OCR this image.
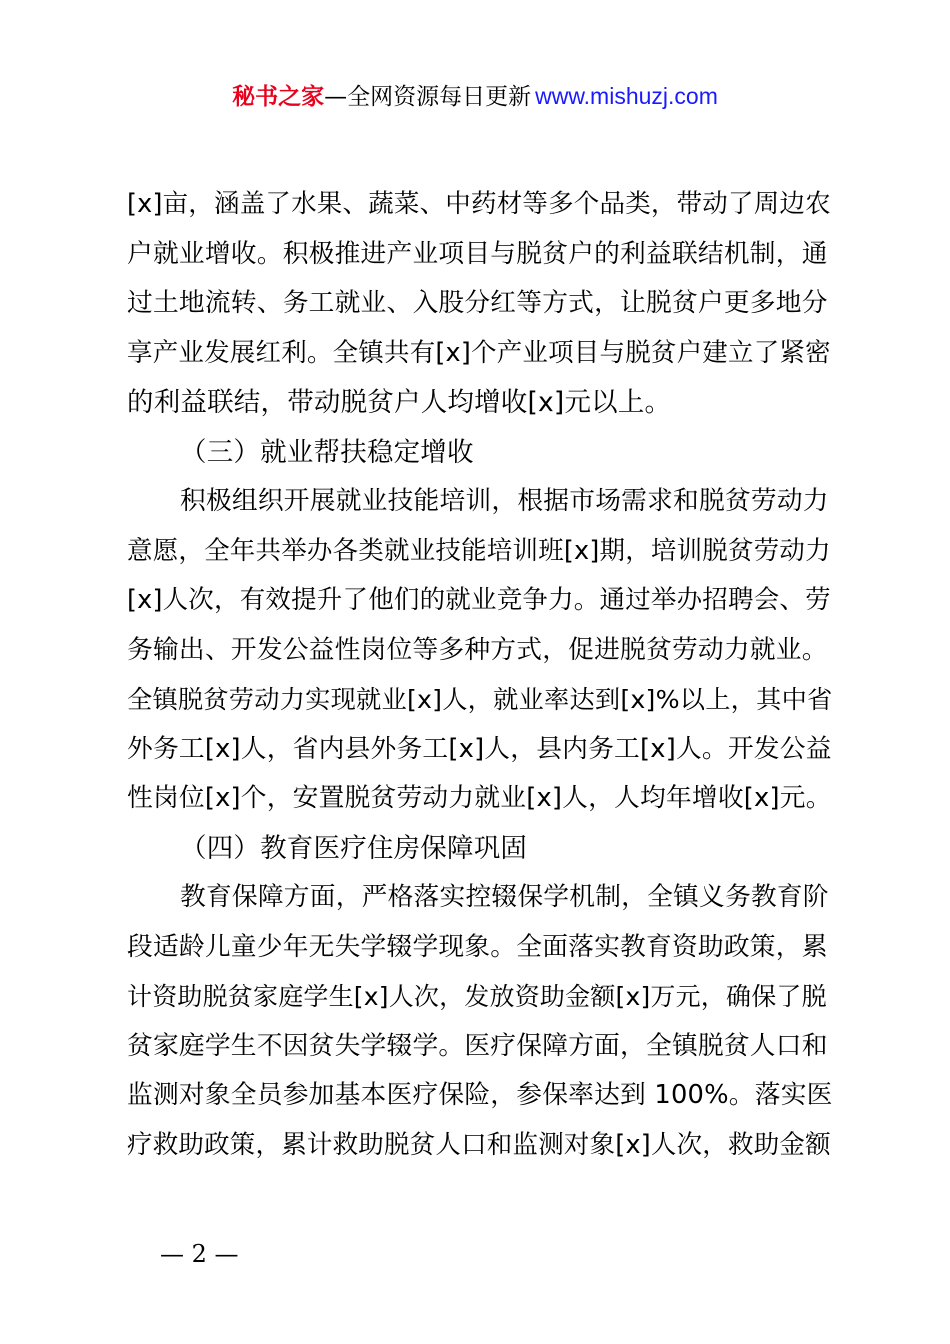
秘书之家—全网资源每日更新 www.mishuzj.com
[x]亩，涵盖了水果、蔬菜、中药材等多个品类，带动了周边农
户就业增收。积极推进产业项目与脱贫户的利益联结机制，通
过土地流转、务工就业、入股分红等方式，让脱贫户更多地分
享产业发展红利。全镇共有[x]个产业项目与脱贫户建立了紧密
的利益联结，带动脱贫户人均增收[x]元以上。
（三）就业帮扶稳定增收
积极组织开展就业技能培训，根据市场需求和脱贫劳动力
意愿，全年共举办各类就业技能培训班[x]期，培训脱贫劳动力
[x]人次，有效提升了他们的就业竞争力。通过举办招聘会、劳
务输出、开发公益性岗位等多种方式，促进脱贫劳动力就业。
全镇脱贫劳动力实现就业[x]人，就业率达到[x]%以上，其中省
外务工[x]人，省内县外务工[x]人，县内务工[x]人。开发公益
性岗位[x]个，安置脱贫劳动力就业[x]人，人均年增收[x]元。
（四）教育医疗住房保障巩固
教育保障方面，严格落实控辍保学机制，全镇义务教育阶
段适龄儿童少年无失学辍学现象。全面落实教育资助政策，累
计资助脱贫家庭学生[x]人次，发放资助金额[x]万元，确保了脱
贫家庭学生不因贫失学辍学。医疗保障方面，全镇脱贫人口和
监测对象全员参加基本医疗保险，参保率达到 100%。落实医
疗救助政策，累计救助脱贫人口和监测对象[x]人次，救助金额
— 2 —
